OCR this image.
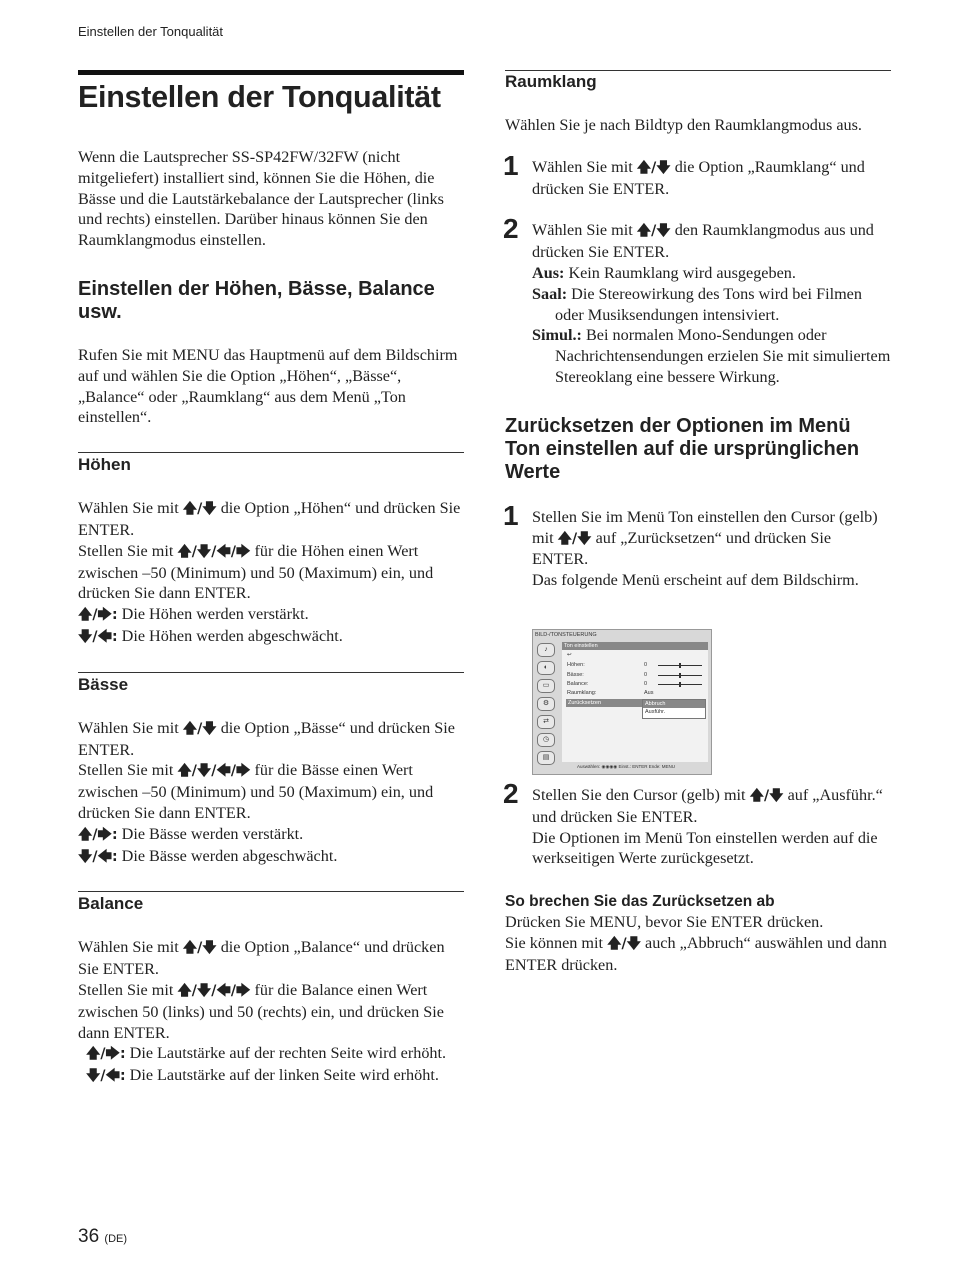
Einstellen der Tonqualität
Einstellen der Tonqualität

Wenn die Lautsprecher SS-SP42FW/32FW (nicht mitgeliefert) installiert sind, können Sie die Höhen, die Bässe und die Lautstärkebalance der Lautsprecher (links und rechts) einstellen. Darüber hinaus können Sie den Raumklangmodus einstellen.

Einstellen der Höhen, Bässe, Balance usw.

Rufen Sie mit MENU das Hauptmenü auf dem Bildschirm auf und wählen Sie die Option „Höhen“, „Bässe“, „Balance“ oder „Raumklang“ aus dem Menü „Ton einstellen“.

Höhen

Wählen Sie mit 🡅/🡇 die Option „Höhen“ und drücken Sie ENTER.
Stellen Sie mit 🡅/🡇/🡄/🡆 für die Höhen einen Wert zwischen –50 (Minimum) und 50 (Maximum) ein, und drücken Sie dann ENTER.

🡅/🡆: Die Höhen werden verstärkt.

🡇/🡄: Die Höhen werden abgeschwächt.

Bässe

Wählen Sie mit 🡅/🡇 die Option „Bässe“ und drücken Sie ENTER.
Stellen Sie mit 🡅/🡇/🡄/🡆 für die Bässe einen Wert zwischen –50 (Minimum) und 50 (Maximum) ein, und drücken Sie dann ENTER.

🡅/🡆: Die Bässe werden verstärkt.

🡇/🡄: Die Bässe werden abgeschwächt.

Balance

Wählen Sie mit 🡅/🡇 die Option „Balance“ und drücken Sie ENTER.
Stellen Sie mit 🡅/🡇/🡄/🡆 für die Balance einen Wert zwischen 50 (links) und 50 (rechts) ein, und drücken Sie dann ENTER.

🡅/🡆: Die Lautstärke auf der rechten Seite wird erhöht.

🡇/🡄: Die Lautstärke auf der linken Seite wird erhöht.

Raumklang

Wählen Sie je nach Bildtyp den Raumklangmodus aus.

1 Wählen Sie mit 🡅/🡇 die Option „Raumklang“ und drücken Sie ENTER.

2 Wählen Sie mit 🡅/🡇 den Raumklangmodus aus und drücken Sie ENTER.

Aus: Kein Raumklang wird ausgegeben.

Saal: Die Stereowirkung des Tons wird bei Filmen oder Musiksendungen intensiviert.

Simul.: Bei normalen Mono-Sendungen oder Nachrichtensendungen erzielen Sie mit simuliertem Stereoklang eine bessere Wirkung.

Zurücksetzen der Optionen im Menü Ton einstellen auf die ursprünglichen Werte
1 Stellen Sie im Menü Ton einstellen den Cursor (gelb) mit 🡅/🡇 auf „Zurücksetzen“ und drücken Sie ENTER.

Das folgende Menü erscheint auf dem Bildschirm.

2 Stellen Sie den Cursor (gelb) mit 🡅/🡇 auf „Ausführ.“ und drücken Sie ENTER.

Die Optionen im Menü Ton einstellen werden auf die werkseitigen Werte zurückgesetzt.

So brechen Sie das Zurücksetzen ab

Drücken Sie MENU, bevor Sie ENTER drücken.

Sie können mit 🡅/🡇 auch „Abbruch“ auswählen und dann ENTER drücken.

BILD-/TONSTEUERUNG
♪
◐
▭
⚙
⇄
◷
▤
Ton einstellen
↩
Höhen:	0
Bässe:	0
Balance:	0
Raumklang:	Aus
Zurücksetzen	Abbruch
Ausführ.
Auswählen: ◉◉◉◉ Einst.: ENTER Ende: MENU
36 (DE)
